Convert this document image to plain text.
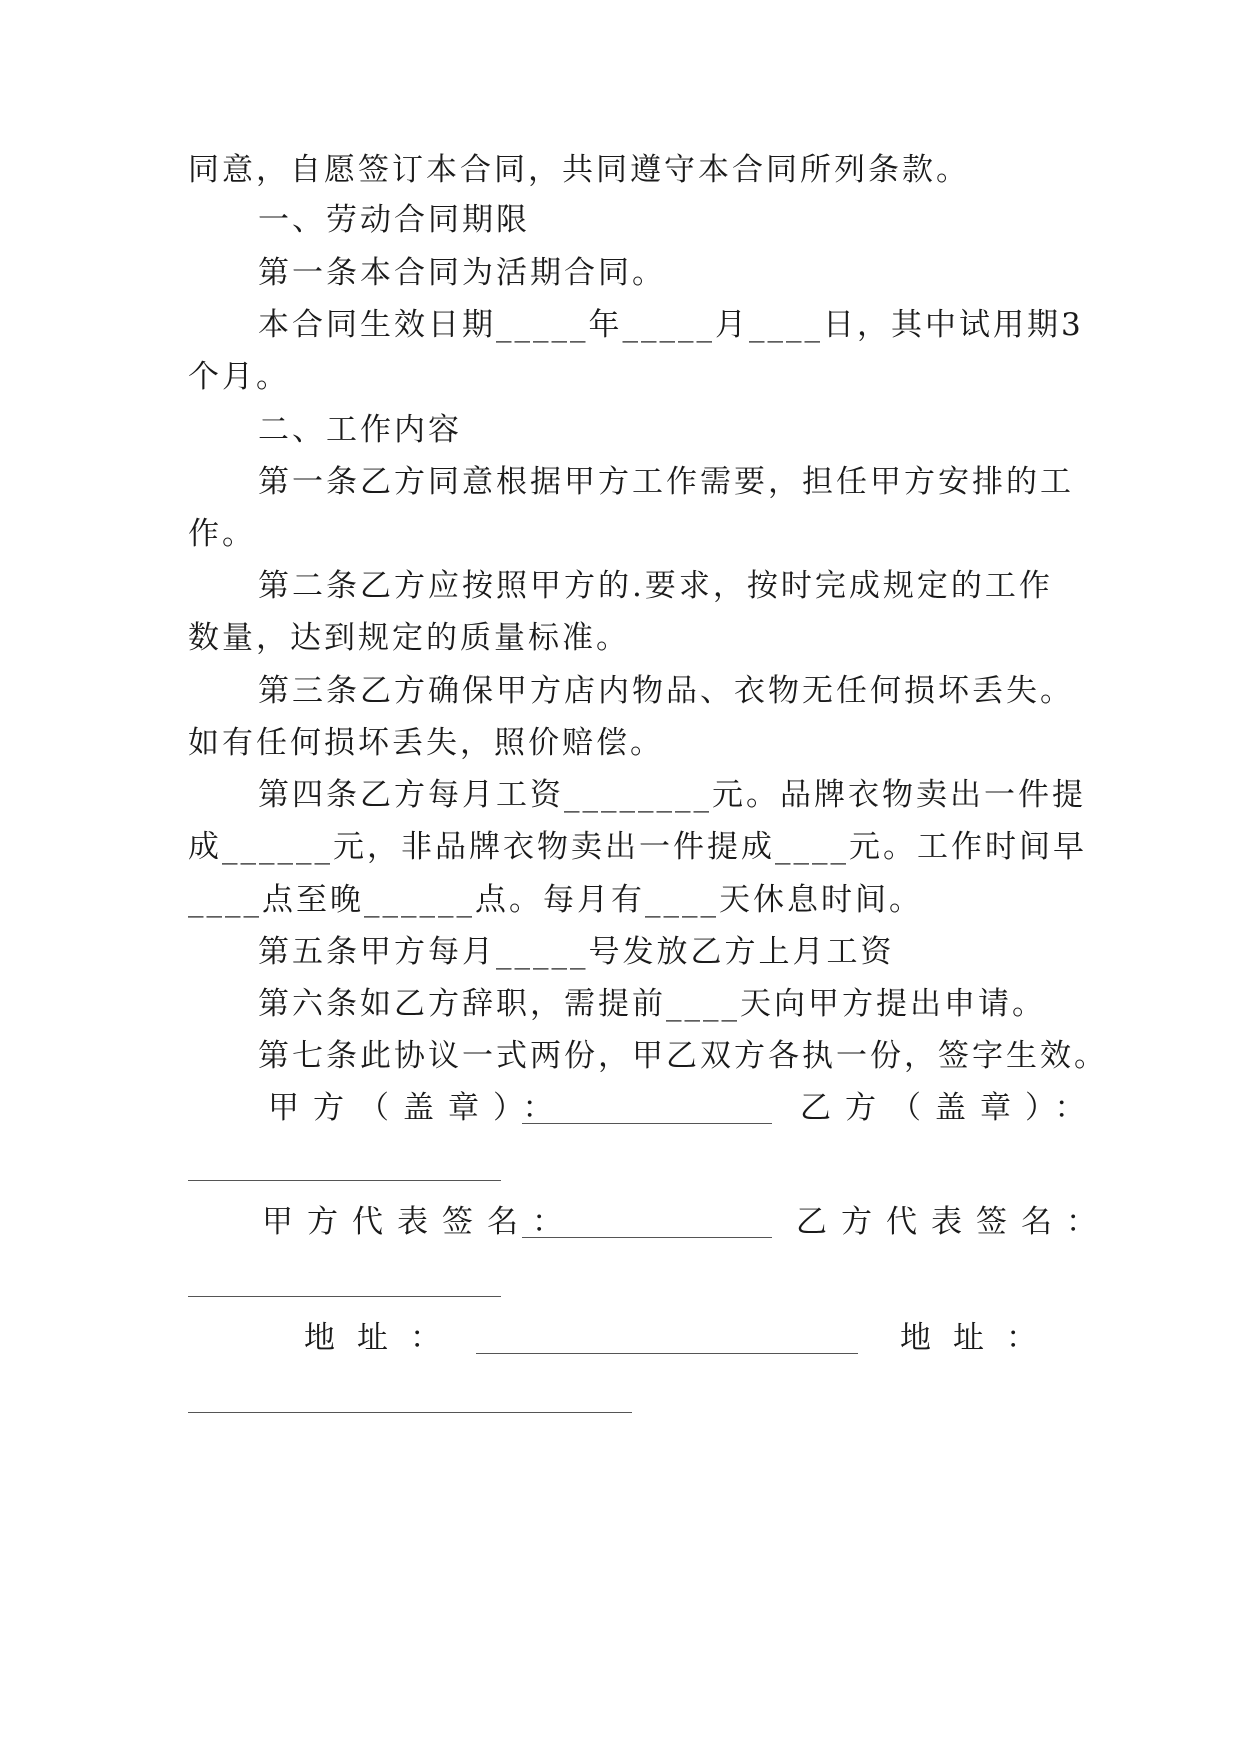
同意，自愿签订本合同，共同遵守本合同所列条款。
一、劳动合同期限
第一条本合同为活期合同。
本合同生效日期_____年_____月____日，其中试用期3
个月。
二、工作内容
第一条乙方同意根据甲方工作需要，担任甲方安排的工
作。
第二条乙方应按照甲方的.要求，按时完成规定的工作
数量，达到规定的质量标准。
第三条乙方确保甲方店内物品、衣物无任何损坏丢失。
如有任何损坏丢失，照价赔偿。
第四条乙方每月工资________元。品牌衣物卖出一件提
成______元，非品牌衣物卖出一件提成____元。工作时间早
____点至晚______点。每月有____天休息时间。
第五条甲方每月_____号发放乙方上月工资
第六条如乙方辞职，需提前____天向甲方提出申请。
第七条此协议一式两份，甲乙双方各执一份，签字生效。
甲方（盖章）：	乙方（盖章）：
甲方代表签名：	乙方代表签名：
地址：	地址：
